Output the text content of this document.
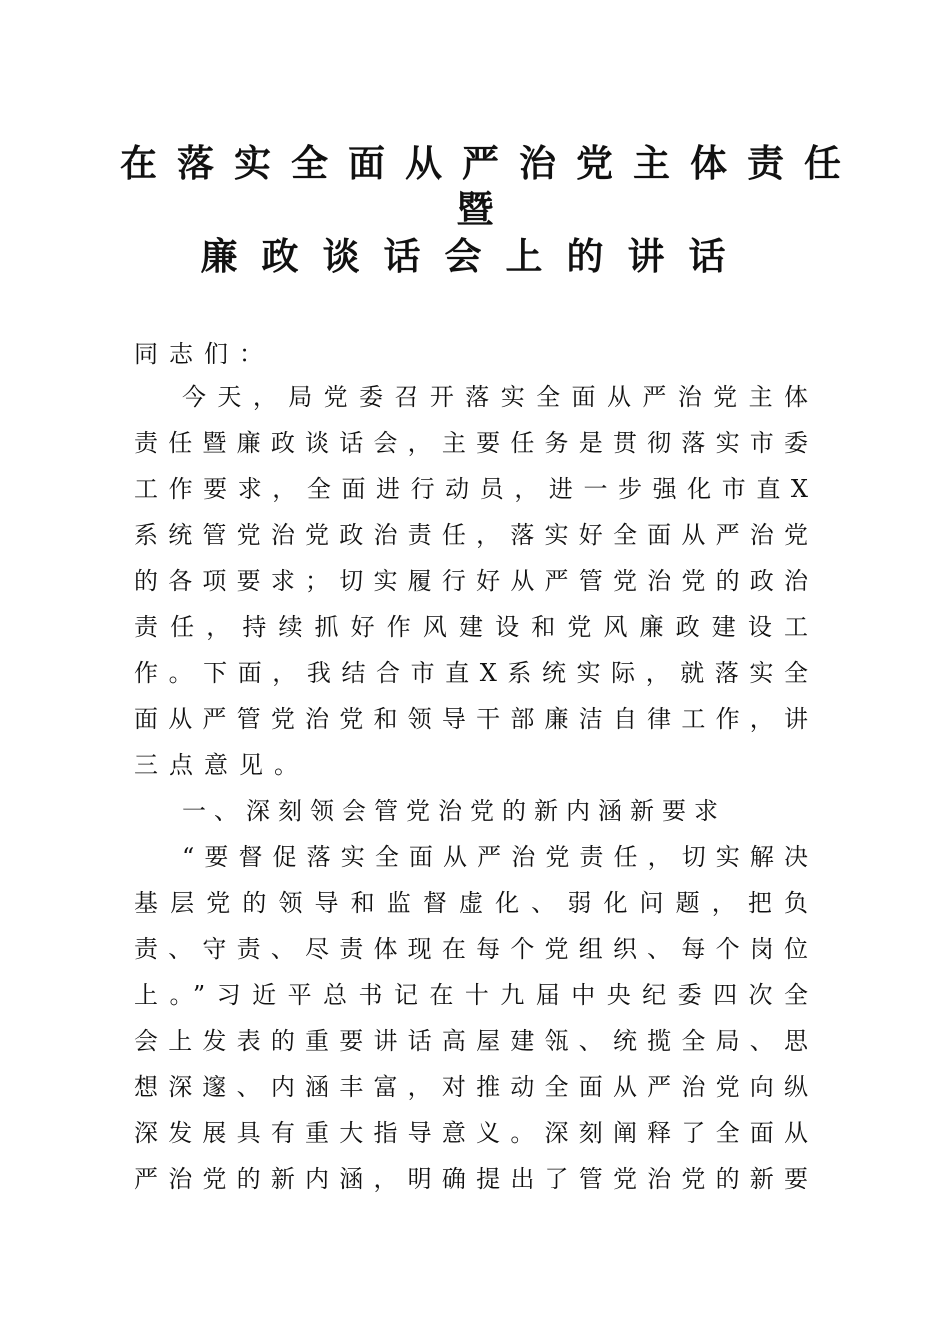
在落实全面从严治党主体责任
暨
廉政谈话会上的讲话
同志们：
今天，局党委召开落实全面从严治党主体
责任暨廉政谈话会，主要任务是贯彻落实市委
工作要求，全面进行动员，进一步强化市直X
系统管党治党政治责任，落实好全面从严治党
的各项要求；切实履行好从严管党治党的政治
责任，持续抓好作风建设和党风廉政建设工
作。下面，我结合市直X系统实际，就落实全
面从严管党治党和领导干部廉洁自律工作，讲
三点意见。
一、深刻领会管党治党的新内涵新要求
“要督促落实全面从严治党责任，切实解决
基层党的领导和监督虚化、弱化问题，把负
责、守责、尽责体现在每个党组织、每个岗位
上。”习近平总书记在十九届中央纪委四次全
会上发表的重要讲话高屋建瓴、统揽全局、思
想深邃、内涵丰富，对推动全面从严治党向纵
深发展具有重大指导意义。深刻阐释了全面从
严治党的新内涵，明确提出了管党治党的新要
